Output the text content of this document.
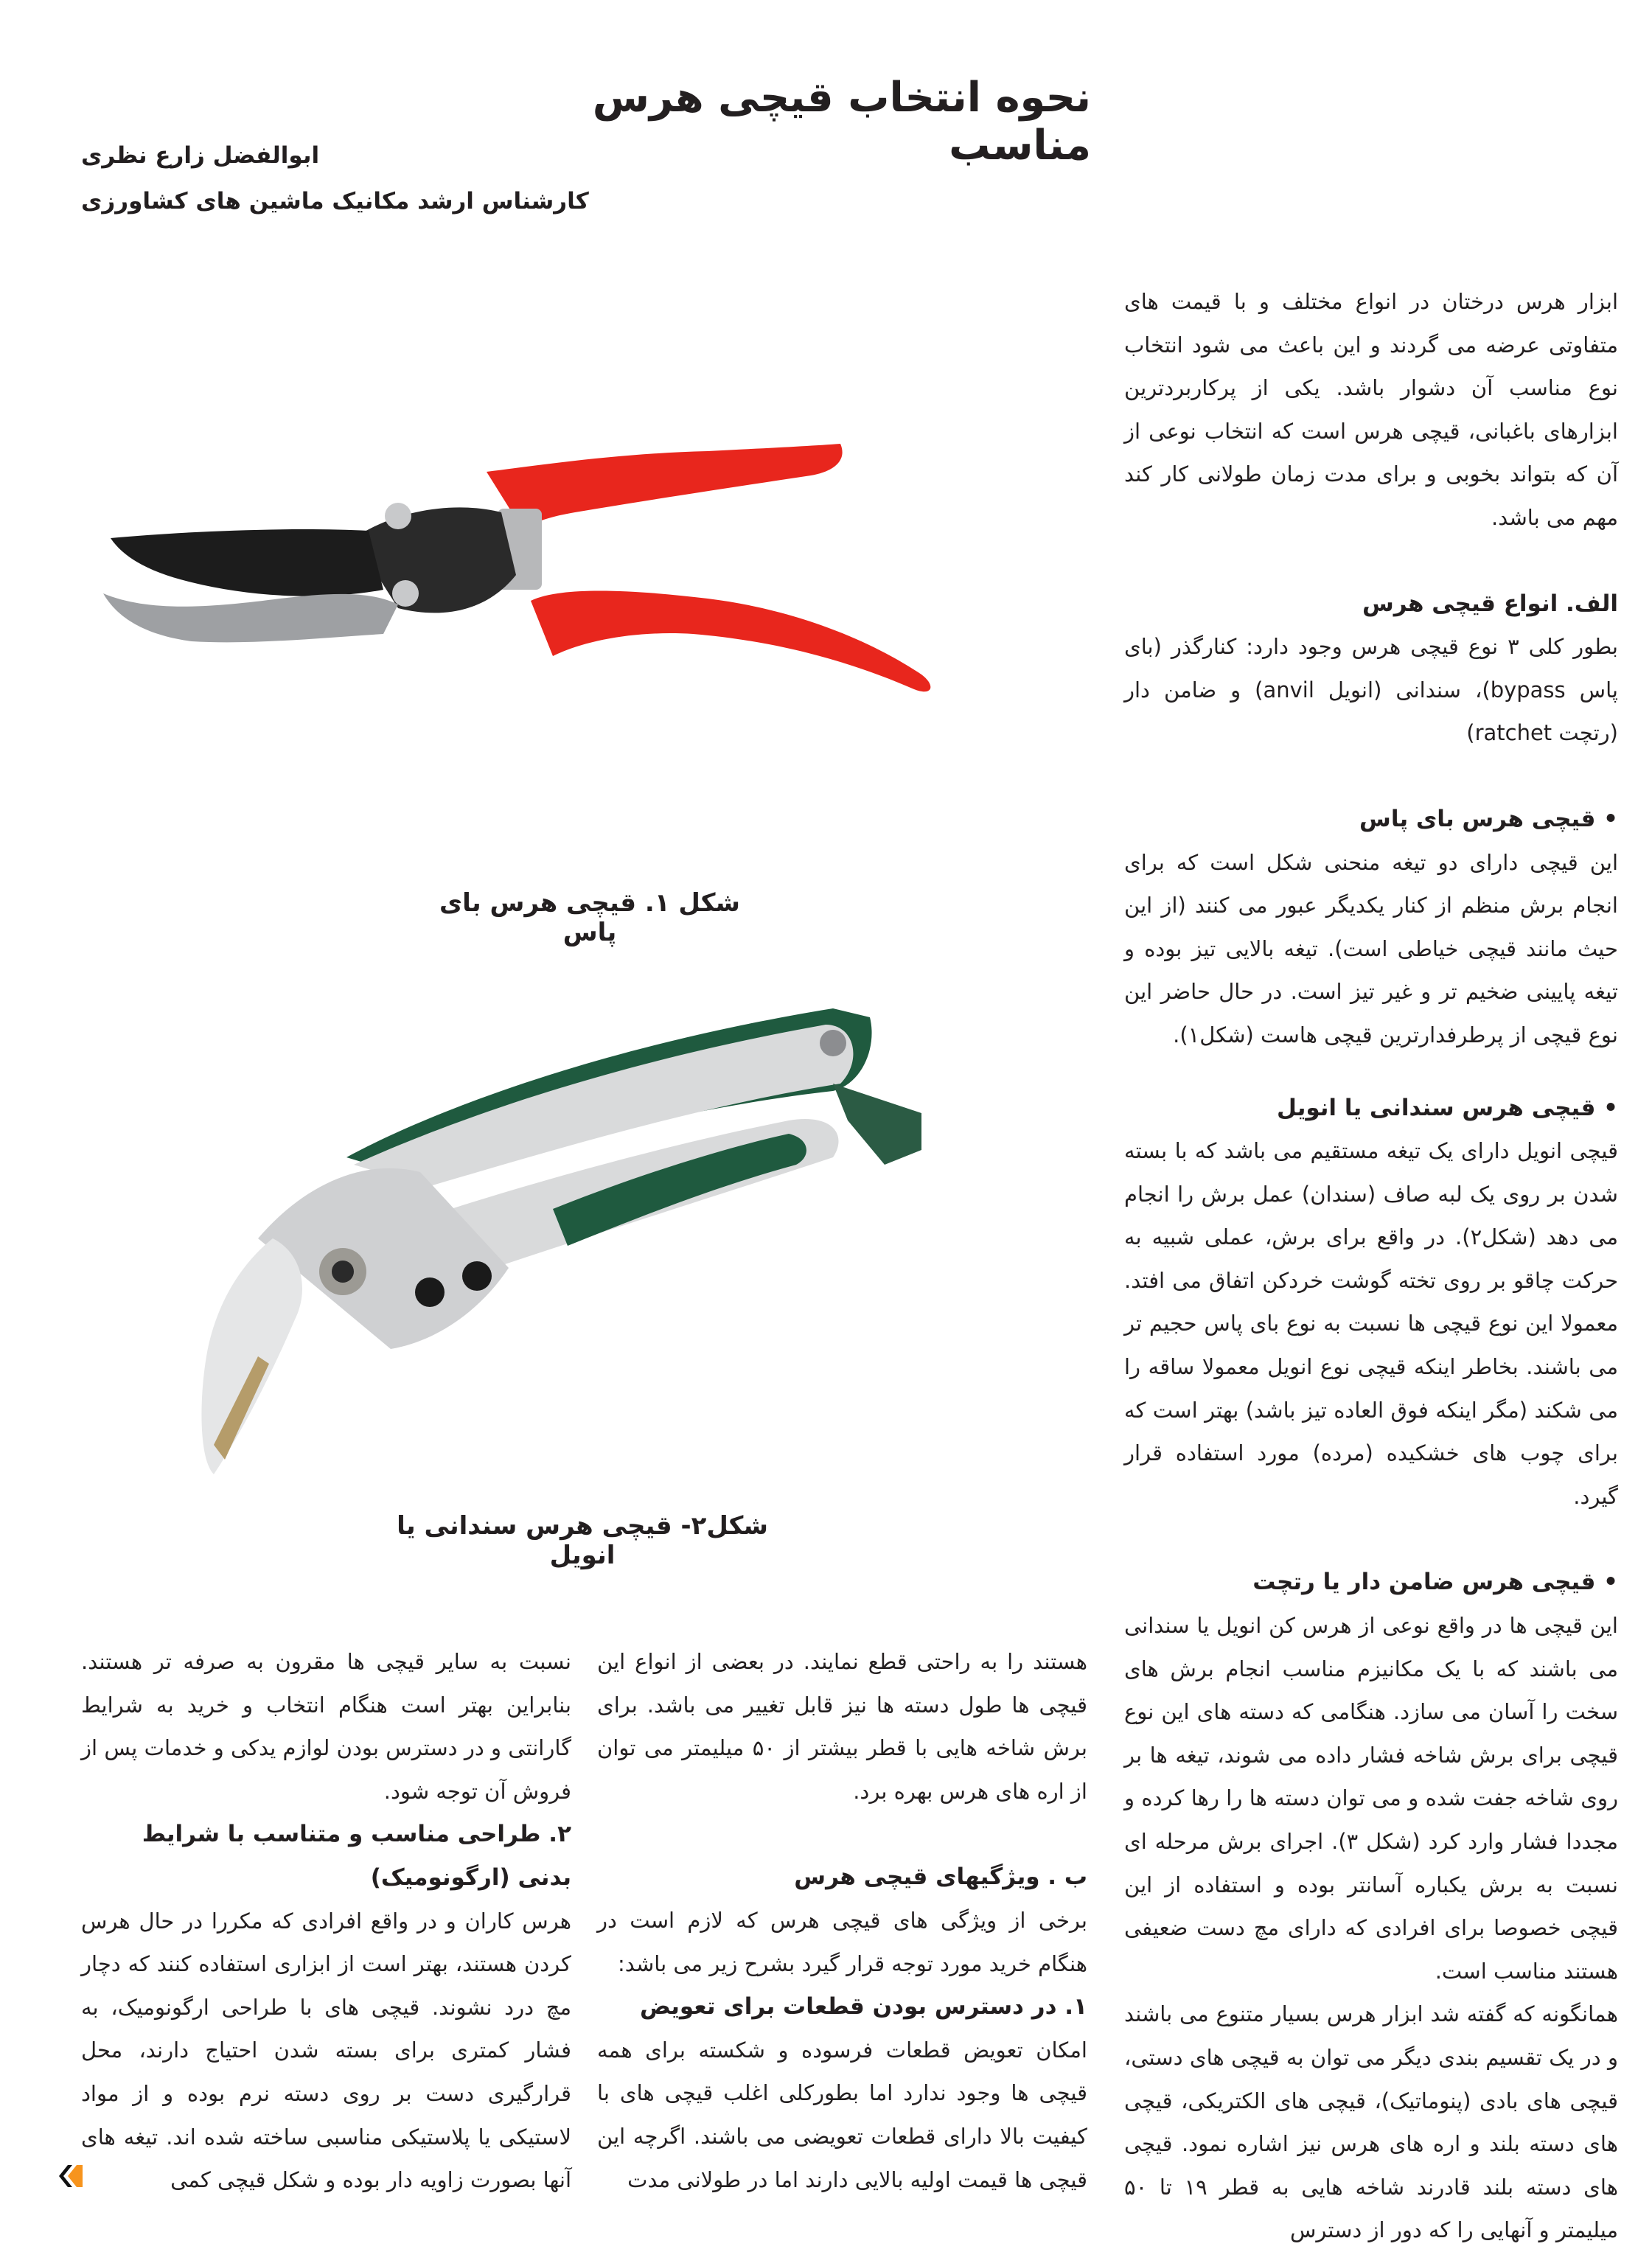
نحوه انتخاب قیچی هرس مناسب
ابوالفضل زارع نظری
کارشناس ارشد مکانیک ماشین های کشاورزی
شکل ۱. قیچی هرس بای پاس
شکل۲- قیچی هرس سندانی یا انویل

ابزار هرس درختان در انواع مختلف و با قیمت های متفاوتی عرضه می گردند و این باعث می شود انتخاب نوع مناسب آن دشوار باشد. یکی از پرکاربردترین ابزارهای باغبانی، قیچی هرس است که انتخاب نوعی از آن که بتواند بخوبی و برای مدت زمان طولانی کار کند مهم می باشد.

الف. انواع قیچی هرس

بطور کلی ۳ نوع قیچی هرس وجود دارد: کنارگذر (بای پاس bypass)، سندانی (انویل anvil) و ضامن دار (رتچت ratchet)

• قیچی هرس بای پاس

این قیچی دارای دو تیغه منحنی شکل است که برای انجام برش منظم از کنار یکدیگر عبور می کنند (از این حیث مانند قیچی خیاطی است). تیغه بالایی تیز بوده و تیغه پایینی ضخیم تر و غیر تیز است. در حال حاضر این نوع قیچی از پرطرفدارترین قیچی هاست (شکل۱).

• قیچی هرس سندانی یا انویل

قیچی انویل دارای یک تیغه مستقیم می باشد که با بسته شدن بر روی یک لبه صاف (سندان) عمل برش را انجام می دهد (شکل۲). در واقع برای برش، عملی شبیه به حرکت چاقو بر روی تخته گوشت خردکن اتفاق می افتد. معمولا این نوع قیچی ها نسبت به نوع بای پاس حجیم تر می باشند. بخاطر اینکه قیچی نوع انویل معمولا ساقه را می شکند (مگر اینکه فوق العاده تیز باشد) بهتر است که برای چوب های خشکیده (مرده) مورد استفاده قرار گیرد.

• قیچی هرس ضامن دار یا رتچت

این قیچی ها در واقع نوعی از هرس کن انویل یا سندانی می باشند که با یک مکانیزم مناسب انجام برش های سخت را آسان می سازد. هنگامی که دسته های این نوع قیچی برای برش شاخه فشار داده می شوند، تیغه ها بر روی شاخه جفت شده و می توان دسته ها را رها کرده و مجددا فشار وارد کرد (شکل ۳). اجرای برش مرحله ای نسبت به برش یکباره آسانتر بوده و استفاده از این قیچی خصوصا برای افرادی که دارای مچ دست ضعیفی هستند مناسب است.

همانگونه که گفته شد ابزار هرس بسیار متنوع می باشند و در یک تقسیم بندی دیگر می توان به قیچی های دستی، قیچی های بادی (پنوماتیک)، قیچی های الکتریکی، قیچی های دسته بلند و اره های هرس نیز اشاره نمود. قیچی های دسته بلند قادرند شاخه هایی به قطر ۱۹ تا ۵۰ میلیمتر و آنهایی را که دور از دسترس

هستند را به راحتی قطع نمایند. در بعضی از انواع این قیچی ها طول دسته ها نیز قابل تغییر می باشد. برای برش شاخه هایی با قطر بیشتر از ۵۰ میلیمتر می توان از اره های هرس بهره برد.

ب . ویژگیهای قیچی هرس

برخی از ویژگی های قیچی هرس که لازم است در هنگام خرید مورد توجه قرار گیرد بشرح زیر می باشد:

۱. در دسترس بودن قطعات برای تعویض

امکان تعویض قطعات فرسوده و شکسته برای همه قیچی ها وجود ندارد اما بطورکلی اغلب قیچی های با کیفیت بالا دارای قطعات تعویضی می باشند. اگرچه این قیچی ها قیمت اولیه بالایی دارند اما در طولانی مدت

نسبت به سایر قیچی ها مقرون به صرفه تر هستند. بنابراین بهتر است هنگام انتخاب و خرید به شرایط گارانتی و در دسترس بودن لوازم یدکی و خدمات پس از فروش آن توجه شود.

۲. طراحی مناسب و متناسب با شرایط بدنی (ارگونومیک)

هرس کاران و در واقع افرادی که مکررا در حال هرس کردن هستند، بهتر است از ابزاری استفاده کنند که دچار مچ درد نشوند. قیچی های با طراحی ارگونومیک، به فشار کمتری برای بسته شدن احتیاج دارند، محل قرارگیری دست بر روی دسته نرم بوده و از مواد لاستیکی یا پلاستیکی مناسبی ساخته شده اند. تیغه های آنها بصورت زاویه دار بوده و شکل قیچی کمی
